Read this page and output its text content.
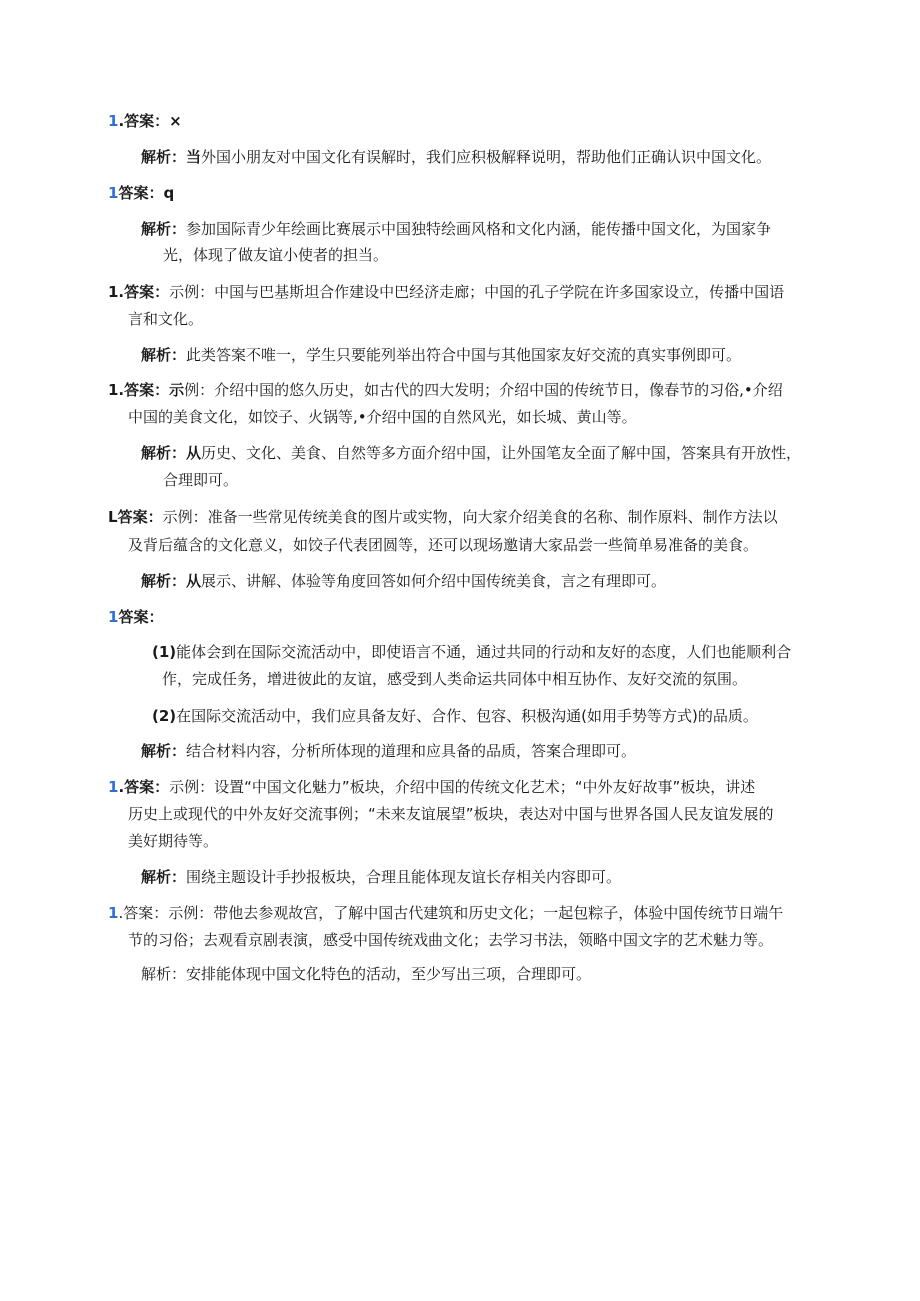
1.答案：×
解析：当外国小朋友对中国文化有误解时，我们应积极解释说明，帮助他们正确认识中国文化。
1答案：q
解析：参加国际青少年绘画比赛展示中国独特绘画风格和文化内涵，能传播中国文化，为国家争
光，体现了做友谊小使者的担当。
1.答案：示例：中国与巴基斯坦合作建设中巴经济走廊；中国的孔子学院在许多国家设立，传播中国语
言和文化。
解析：此类答案不唯一，学生只要能列举出符合中国与其他国家友好交流的真实事例即可。
1.答案：示例：介绍中国的悠久历史，如古代的四大发明；介绍中国的传统节日，像春节的习俗,•介绍
中国的美食文化，如饺子、火锅等,•介绍中国的自然风光，如长城、黄山等。
解析：从历史、文化、美食、自然等多方面介绍中国，让外国笔友全面了解中国，答案具有开放性，
合理即可。
L答案：示例：准备一些常见传统美食的图片或实物，向大家介绍美食的名称、制作原料、制作方法以
及背后蕴含的文化意义，如饺子代表团圆等，还可以现场邀请大家品尝一些简单易准备的美食。
解析：从展示、讲解、体验等角度回答如何介绍中国传统美食，言之有理即可。
1答案：
(1)能体会到在国际交流活动中，即使语言不通，通过共同的行动和友好的态度，人们也能顺利合
作，完成任务，增进彼此的友谊，感受到人类命运共同体中相互协作、友好交流的氛围。
(2)在国际交流活动中，我们应具备友好、合作、包容、积极沟通(如用手势等方式)的品质。
解析：结合材料内容，分析所体现的道理和应具备的品质，答案合理即可。
1.答案：示例：设置“中国文化魅力”板块，介绍中国的传统文化艺术；“中外友好故事”板块，讲述
历史上或现代的中外友好交流事例；“未来友谊展望”板块，表达对中国与世界各国人民友谊发展的
美好期待等。
解析：围绕主题设计手抄报板块，合理且能体现友谊长存相关内容即可。
1.答案：示例：带他去参观故宫，了解中国古代建筑和历史文化；一起包粽子，体验中国传统节日端午
节的习俗；去观看京剧表演，感受中国传统戏曲文化；去学习书法，领略中国文字的艺术魅力等。
解析：安排能体现中国文化特色的活动，至少写出三项，合理即可。
